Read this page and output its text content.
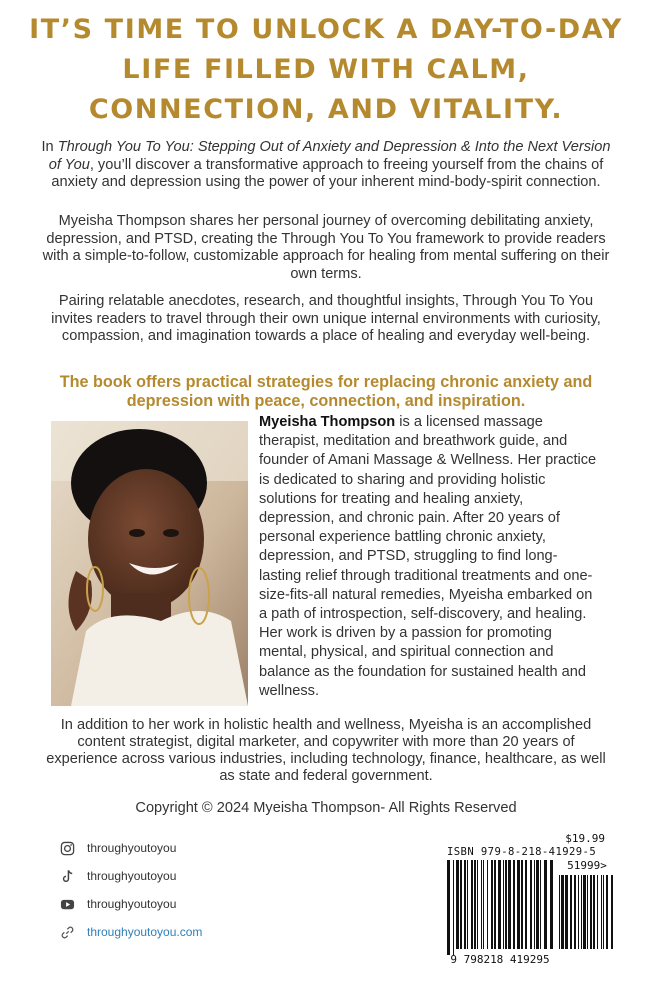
IT’S TIME TO UNLOCK A DAY-TO-DAY
LIFE FILLED WITH CALM,
CONNECTION, AND VITALITY.
In Through You To You: Stepping Out of Anxiety and Depression & Into the Next Version of You, you’ll discover a transformative approach to freeing yourself from the chains of anxiety and depression using the power of your inherent mind-body-spirit connection.
Myeisha Thompson shares her personal journey of overcoming debilitating anxiety, depression, and PTSD, creating the Through You To You framework to provide readers with a simple-to-follow, customizable approach for healing from mental suffering on their own terms.
Pairing relatable anecdotes, research, and thoughtful insights, Through You To You invites readers to travel through their own unique internal environments with curiosity, compassion, and imagination towards a place of healing and everyday well-being.
The book offers practical strategies for replacing chronic anxiety and depression with peace, connection, and inspiration.
Myeisha Thompson is a licensed massage therapist, meditation and breathwork guide, and founder of Amani Massage & Wellness. Her practice is dedicated to sharing and providing holistic solutions for treating and healing anxiety, depression, and chronic pain. After 20 years of personal experience battling chronic anxiety, depression, and PTSD, struggling to find long-lasting relief through traditional treatments and one-size-fits-all natural remedies, Myeisha embarked on a path of introspection, self-discovery, and healing. Her work is driven by a passion for promoting mental, physical, and spiritual connection and balance as the foundation for sustained health and wellness.
In addition to her work in holistic health and wellness, Myeisha is an accomplished content strategist, digital marketer, and copywriter with more than 20 years of experience across various industries, including technology, finance, healthcare, as well as state and federal government.
Copyright © 2024 Myeisha Thompson- All Rights Reserved
throughyoutoyou
throughyoutoyou
throughyoutoyou
throughyoutoyou.com
$19.99
ISBN 979-8-218-41929-5
9 798218 419295
51999>
